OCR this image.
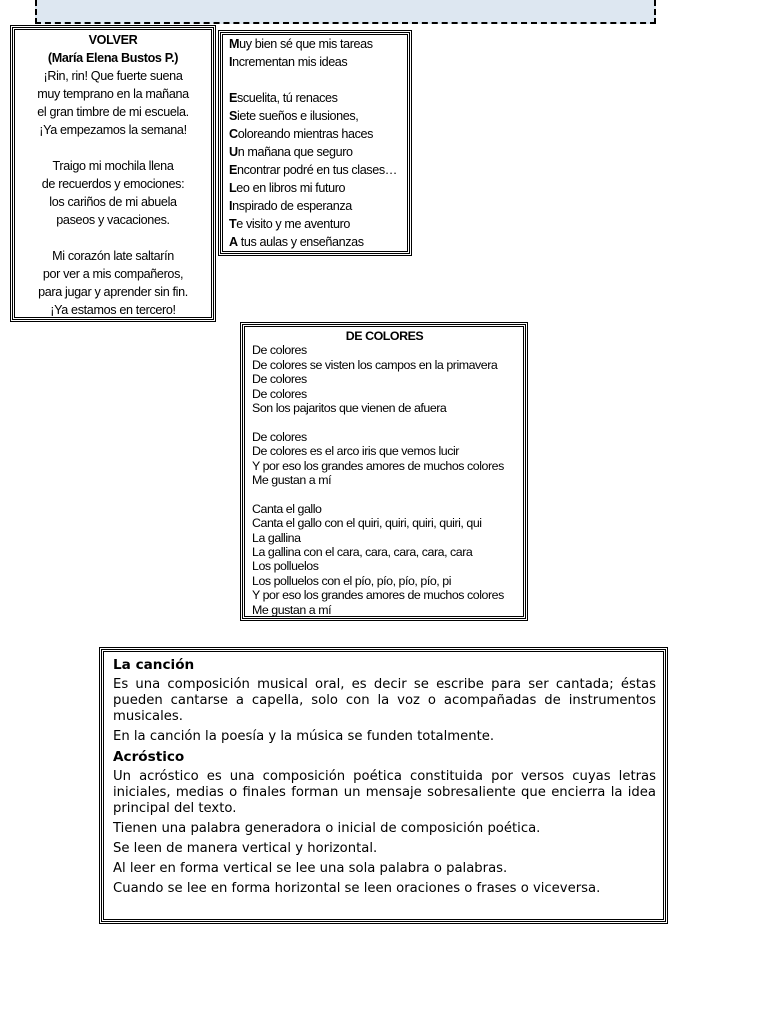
VOLVER
(María Elena Bustos P.)
¡Rin, rin! Que fuerte suena
muy temprano en la mañana
el gran timbre de mi escuela.
¡Ya empezamos la semana!
Traigo mi mochila llena
de recuerdos y emociones:
los cariños de mi abuela
paseos y vacaciones.
Mi corazón late saltarín
por ver a mis compañeros,
para jugar y aprender sin fin.
¡Ya estamos en tercero!
Muy bien sé que mis tareas
Incrementan mis ideas
Escuelita, tú renaces
Siete sueños e ilusiones,
Coloreando mientras haces
Un mañana que seguro
Encontrar podré en tus clases…
Leo en libros mi futuro
Inspirado de esperanza
Te visito y me aventuro
A tus aulas y enseñanzas
DE COLORES
De colores
De colores se visten los campos en la primavera
De colores
De colores
Son los pajaritos que vienen de afuera
De colores
De colores es el arco iris que vemos lucir
Y por eso los grandes amores de muchos colores
Me gustan a mí
Canta el gallo
Canta el gallo con el quiri, quiri, quiri, quiri, qui
La gallina
La gallina con el cara, cara, cara, cara, cara
Los polluelos
Los polluelos con el pío, pío, pío, pío, pi
Y por eso los grandes amores de muchos colores
Me gustan a mí
La canción

Es una composición musical oral, es decir se escribe para ser cantada; éstas pueden cantarse a capella, solo con la voz o acompañadas de instrumentos musicales.

En la canción la poesía y la música se funden totalmente.

Acróstico

Un acróstico es una composición poética constituida por versos cuyas letras iniciales, medias o finales forman un mensaje sobresaliente que encierra la idea principal del texto.

Tienen una palabra generadora o inicial de composición poética.

Se leen de manera vertical y horizontal.

Al leer en forma vertical se lee una sola palabra o palabras.

Cuando se lee en forma horizontal se leen oraciones o frases o viceversa.
